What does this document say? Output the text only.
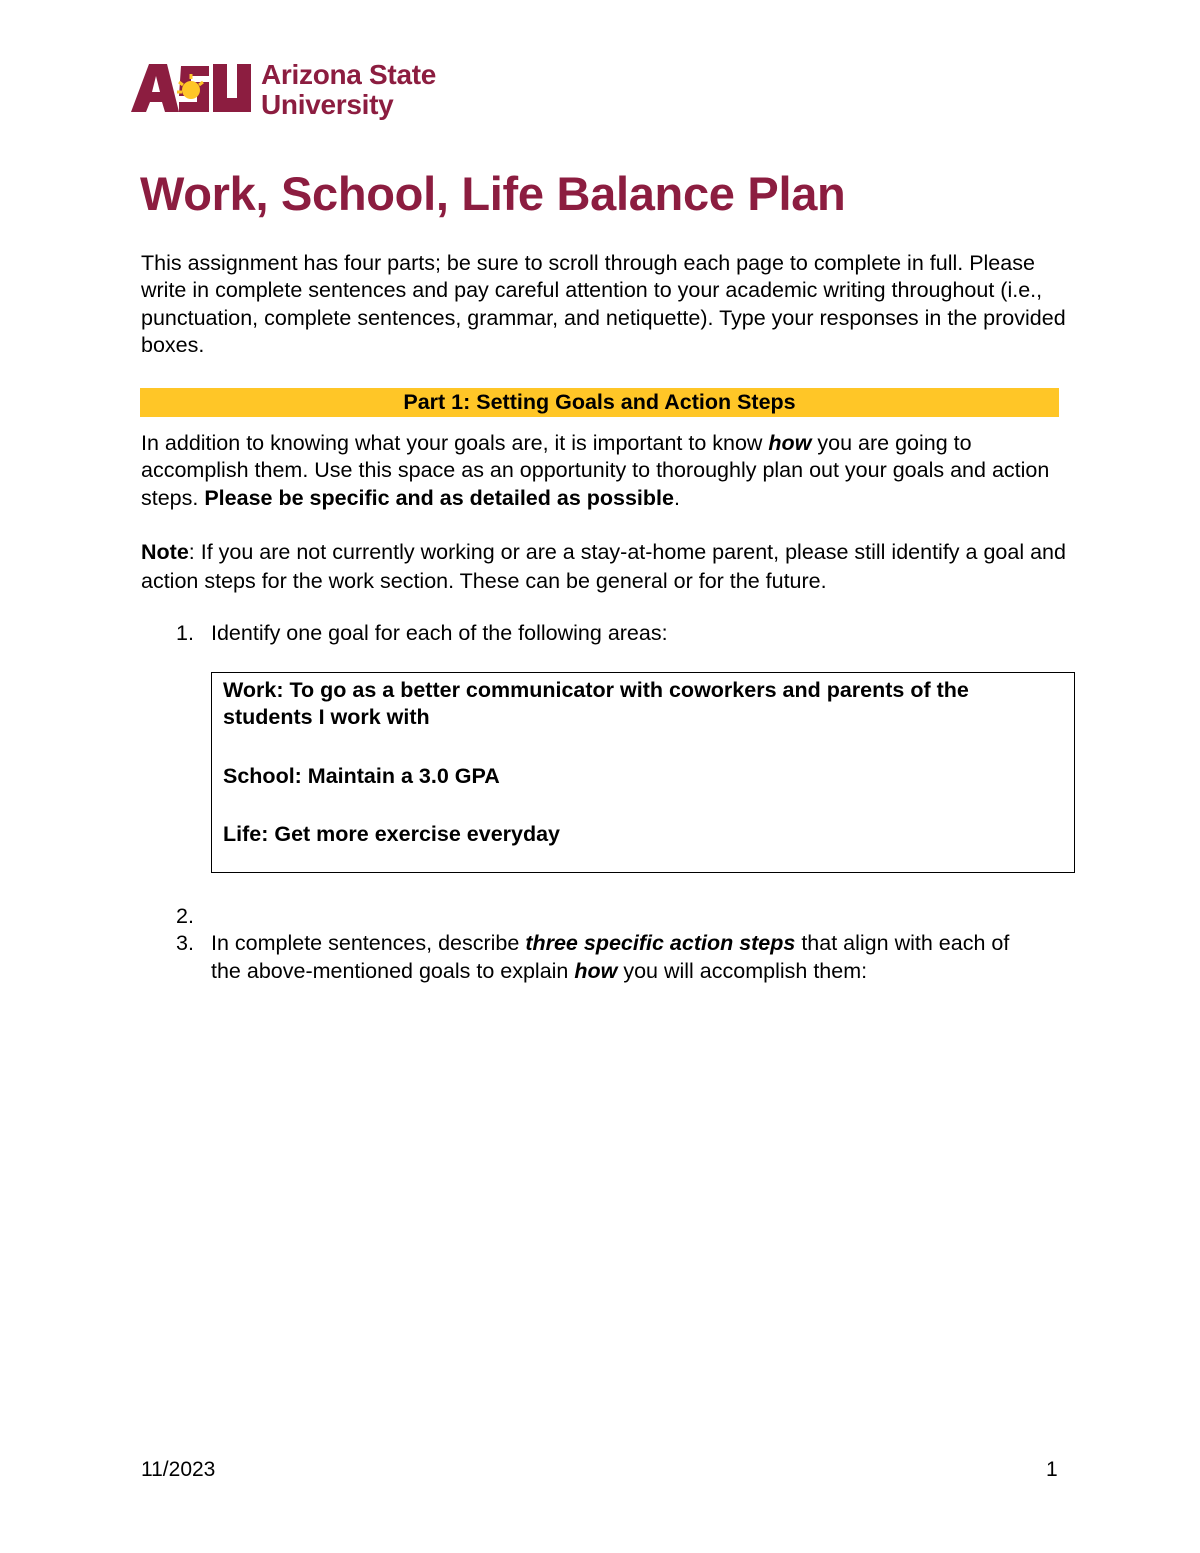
Arizona State
University
Work, School, Life Balance Plan

This assignment has four parts; be sure to scroll through each page to complete in full. Please write in complete sentences and pay careful attention to your academic writing throughout (i.e., punctuation, complete sentences, grammar, and netiquette). Type your responses in the provided boxes.

Part 1: Setting Goals and Action Steps

In addition to knowing what your goals are, it is important to know how you are going to accomplish them. Use this space as an opportunity to thoroughly plan out your goals and action steps. Please be specific and as detailed as possible.

Note: If you are not currently working or are a stay-at-home parent, please still identify a goal and action steps for the work section. These can be general or for the future.

1. Identify one goal for each of the following areas:

Work: To go as a better communicator with coworkers and parents of the students I work with

School: Maintain a 3.0 GPA

Life: Get more exercise everyday

2.
3. In complete sentences, describe three specific action steps that align with each of the above-mentioned goals to explain how you will accomplish them:
11/2023	1
